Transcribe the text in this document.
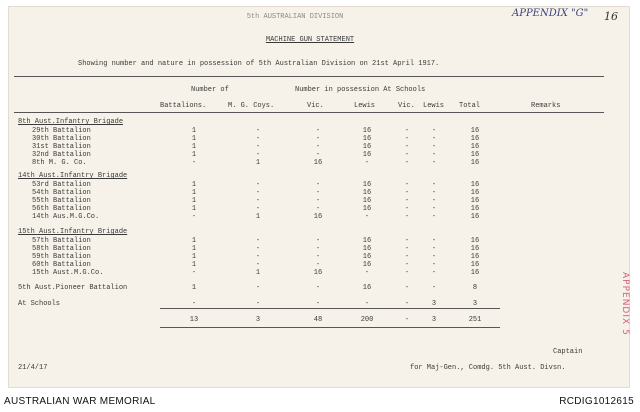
5th AUSTRALIAN DIVISION	APPENDIX "G" 16
MACHINE GUN STATEMENT
Showing number and nature in possession of 5th Australian Division on 21st April 1917.
Number of	Number in possession At Schools
Battalions.	M. G. Coys.	Vic.	Lewis	Vic. Lewis Total	Remarks
8th Aust.Infantry Brigade
29th Battalion	1	-	-	16	-	-	16
30th Battalion	1	-	-	16	-	-	16
31st Battalion	1	-	-	16	-	-	16
32nd Battalion	1	-	-	16	-	-	16
8th M. G. Co.	-	1	16	-	-	-	16
14th Aust.Infantry Brigade
53rd Battalion	1	-	-	16	-	-	16
54th Battalion	1	-	-	16	-	-	16
55th Battalion	1	-	-	16	-	-	16
56th Battalion	1	-	-	16	-	-	16
14th Aus.M.G.Co.	-	1	16	-	-	-	16
15th Aust.Infantry Brigade
57th Battalion	1	-	-	16	-	-	16
58th Battalion	1	-	-	16	-	-	16
59th Battalion	1	-	-	16	-	-	16
60th Battalion	1	-	-	16	-	-	16
15th Aust.M.G.Co.	-	1	16	-	-	-	16
5th Aust.Pioneer Battalion	1	-	-	16	-	-	8
At Schools	-	-	-	-	-	3	3
13	3	48	200	-	3	251
Captain
for Maj-Gen., Comdg. 5th Aust. Divsn.
21/4/17
APPENDIX 5
AUSTRALIAN WAR MEMORIAL	RCDIG1012615
